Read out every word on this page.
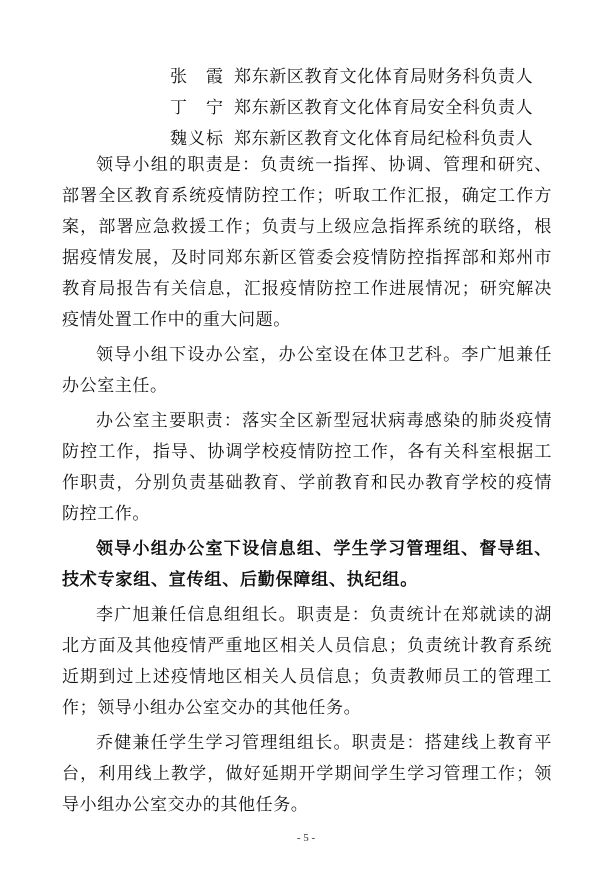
张　霞 郑东新区教育文化体育局财务科负责人
丁　宁 郑东新区教育文化体育局安全科负责人
魏义标 郑东新区教育文化体育局纪检科负责人

领导小组的职责是：负责统一指挥、协调、管理和研究、部署全区教育系统疫情防控工作；听取工作汇报，确定工作方案，部署应急救援工作；负责与上级应急指挥系统的联络，根据疫情发展，及时同郑东新区管委会疫情防控指挥部和郑州市教育局报告有关信息，汇报疫情防控工作进展情况；研究解决疫情处置工作中的重大问题。

领导小组下设办公室，办公室设在体卫艺科。李广旭兼任办公室主任。

办公室主要职责：落实全区新型冠状病毒感染的肺炎疫情防控工作，指导、协调学校疫情防控工作，各有关科室根据工作职责，分别负责基础教育、学前教育和民办教育学校的疫情防控工作。

领导小组办公室下设信息组、学生学习管理组、督导组、技术专家组、宣传组、后勤保障组、执纪组。

李广旭兼任信息组组长。职责是：负责统计在郑就读的湖北方面及其他疫情严重地区相关人员信息；负责统计教育系统近期到过上述疫情地区相关人员信息；负责教师员工的管理工作；领导小组办公室交办的其他任务。

乔健兼任学生学习管理组组长。职责是：搭建线上教育平台，利用线上教学，做好延期开学期间学生学习管理工作；领导小组办公室交办的其他任务。

- 5 -
